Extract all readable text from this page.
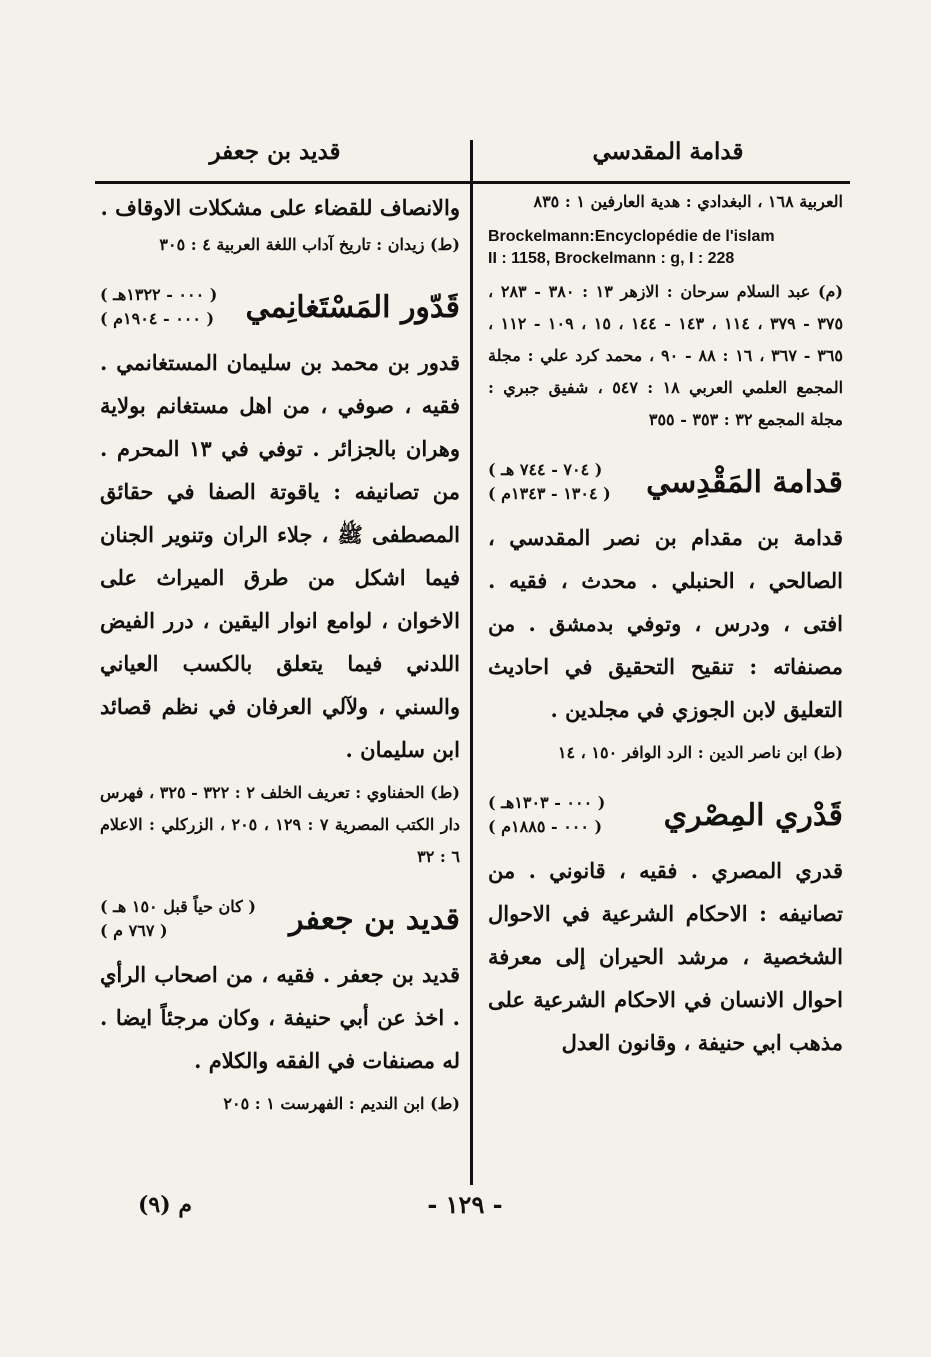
قدامة المقدسي
قديد بن جعفر

العربية ١٦٨ ، البغدادي : هدية العارفين ١ : ٨٣٥

Brockelmann:Encyclopédie de l'islam
II : 1158, Brockelmann : g, I : 228

(م) عبد السلام سرحان : الازهر ١٣ : ٣٨٠ - ٢٨٣ ، ٣٧٥ - ٣٧٩ ، ١١٤ ، ١٤٣ - ١٤٤ ، ١٥ ، ١٠٩ - ١١٢ ، ٣٦٥ - ٣٦٧ ، ١٦ : ٨٨ - ٩٠ ، محمد كرد علي : مجلة المجمع العلمي العربي ١٨ : ٥٤٧ ، شفيق جبري : مجلة المجمع ٣٢ : ٣٥٣ - ٣٥٥

قدامة المَقْدِسي
( ٧٠٤ - ٧٤٤ هـ )
( ١٣٠٤ - ١٣٤٣م )

قدامة بن مقدام بن نصر المقدسي ، الصالحي ، الحنبلي . محدث ، فقيه . افتى ، ودرس ، وتوفي بدمشق . من مصنفاته : تنقيح التحقيق في احاديث التعليق لابن الجوزي في مجلدين .

(ط) ابن ناصر الدين : الرد الوافر ١٥٠ ، ١٤

قَدْري المِصْري
( ٠٠٠ - ١٣٠٣هـ )
( ٠٠٠ - ١٨٨٥م )

قدري المصري . فقيه ، قانوني . من تصانيفه : الاحكام الشرعية في الاحوال الشخصية ، مرشد الحيران إلى معرفة احوال الانسان في الاحكام الشرعية على مذهب ابي حنيفة ، وقانون العدل

والانصاف للقضاء على مشكلات الاوقاف .

(ط) زيدان : تاريخ آداب اللغة العربية ٤ : ٣٠٥

قَدّور المَسْتَغانِمي
( ٠٠٠ - ١٣٢٢هـ )
( ٠٠٠ - ١٩٠٤م )

قدور بن محمد بن سليمان المستغانمي . فقيه ، صوفي ، من اهل مستغانم بولاية وهران بالجزائر . توفي في ١٣ المحرم . من تصانيفه : ياقوتة الصفا في حقائق المصطفى ﷺ ، جلاء الران وتنوير الجنان فيما اشكل من طرق الميراث على الاخوان ، لوامع انوار اليقين ، درر الفيض اللدني فيما يتعلق بالكسب العياني والسني ، ولآلي العرفان في نظم قصائد ابن سليمان .

(ط) الحفناوي : تعريف الخلف ٢ : ٣٢٢ - ٣٢٥ ، فهرس دار الكتب المصرية ٧ : ١٢٩ ، ٢٠٥ ، الزركلي : الاعلام ٦ : ٣٢

قديد بن جعفر
( كان حياً قبل ١٥٠ هـ )
( ٧٦٧ م )

قديد بن جعفر . فقيه ، من اصحاب الرأي . اخذ عن أبي حنيفة ، وكان مرجئاً ايضا . له مصنفات في الفقه والكلام .

(ط) ابن النديم : الفهرست ١ : ٢٠٥

- ١٢٩ -
م (٩)
